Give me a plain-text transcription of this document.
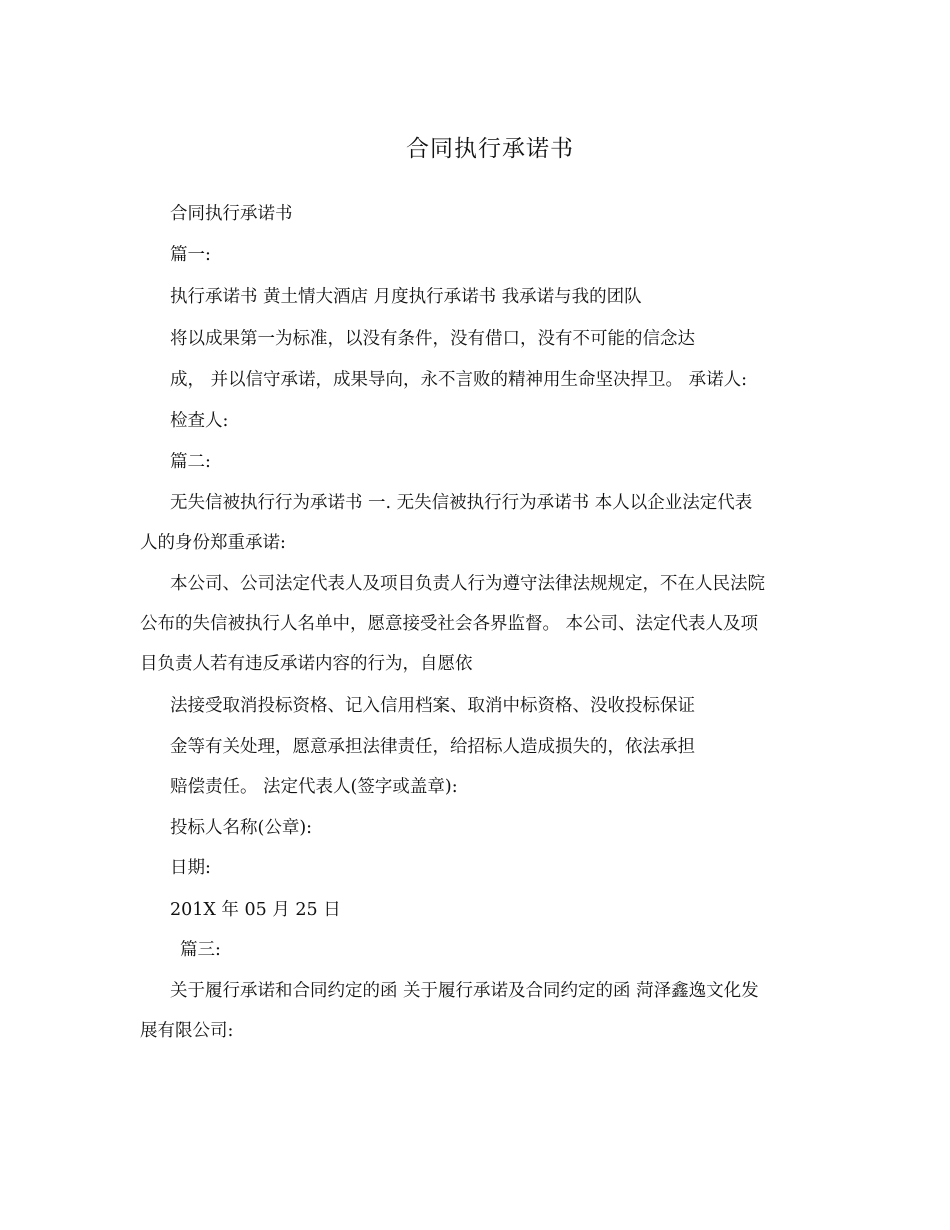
合同执行承诺书
合同执行承诺书
篇一:
执行承诺书 黄土情大酒店 月度执行承诺书 我承诺与我的团队
将以成果第一为标准，以没有条件，没有借口，没有不可能的信念达
成， 并以信守承诺，成果导向，永不言败的精神用生命坚决捍卫。 承诺人:
检查人:
篇二:
无失信被执行行为承诺书 一. 无失信被执行行为承诺书 本人以企业法定代表
人的身份郑重承诺:
本公司、公司法定代表人及项目负责人行为遵守法律法规规定，不在人民法院
公布的失信被执行人名单中，愿意接受社会各界监督。 本公司、法定代表人及项
目负责人若有违反承诺内容的行为，自愿依
法接受取消投标资格、记入信用档案、取消中标资格、没收投标保证
金等有关处理，愿意承担法律责任，给招标人造成损失的，依法承担
赔偿责任。 法定代表人(签字或盖章):
投标人名称(公章):
日期:
201X 年 05 月 25 日
篇三:
关于履行承诺和合同约定的函 关于履行承诺及合同约定的函 菏泽鑫逸文化发
展有限公司:
